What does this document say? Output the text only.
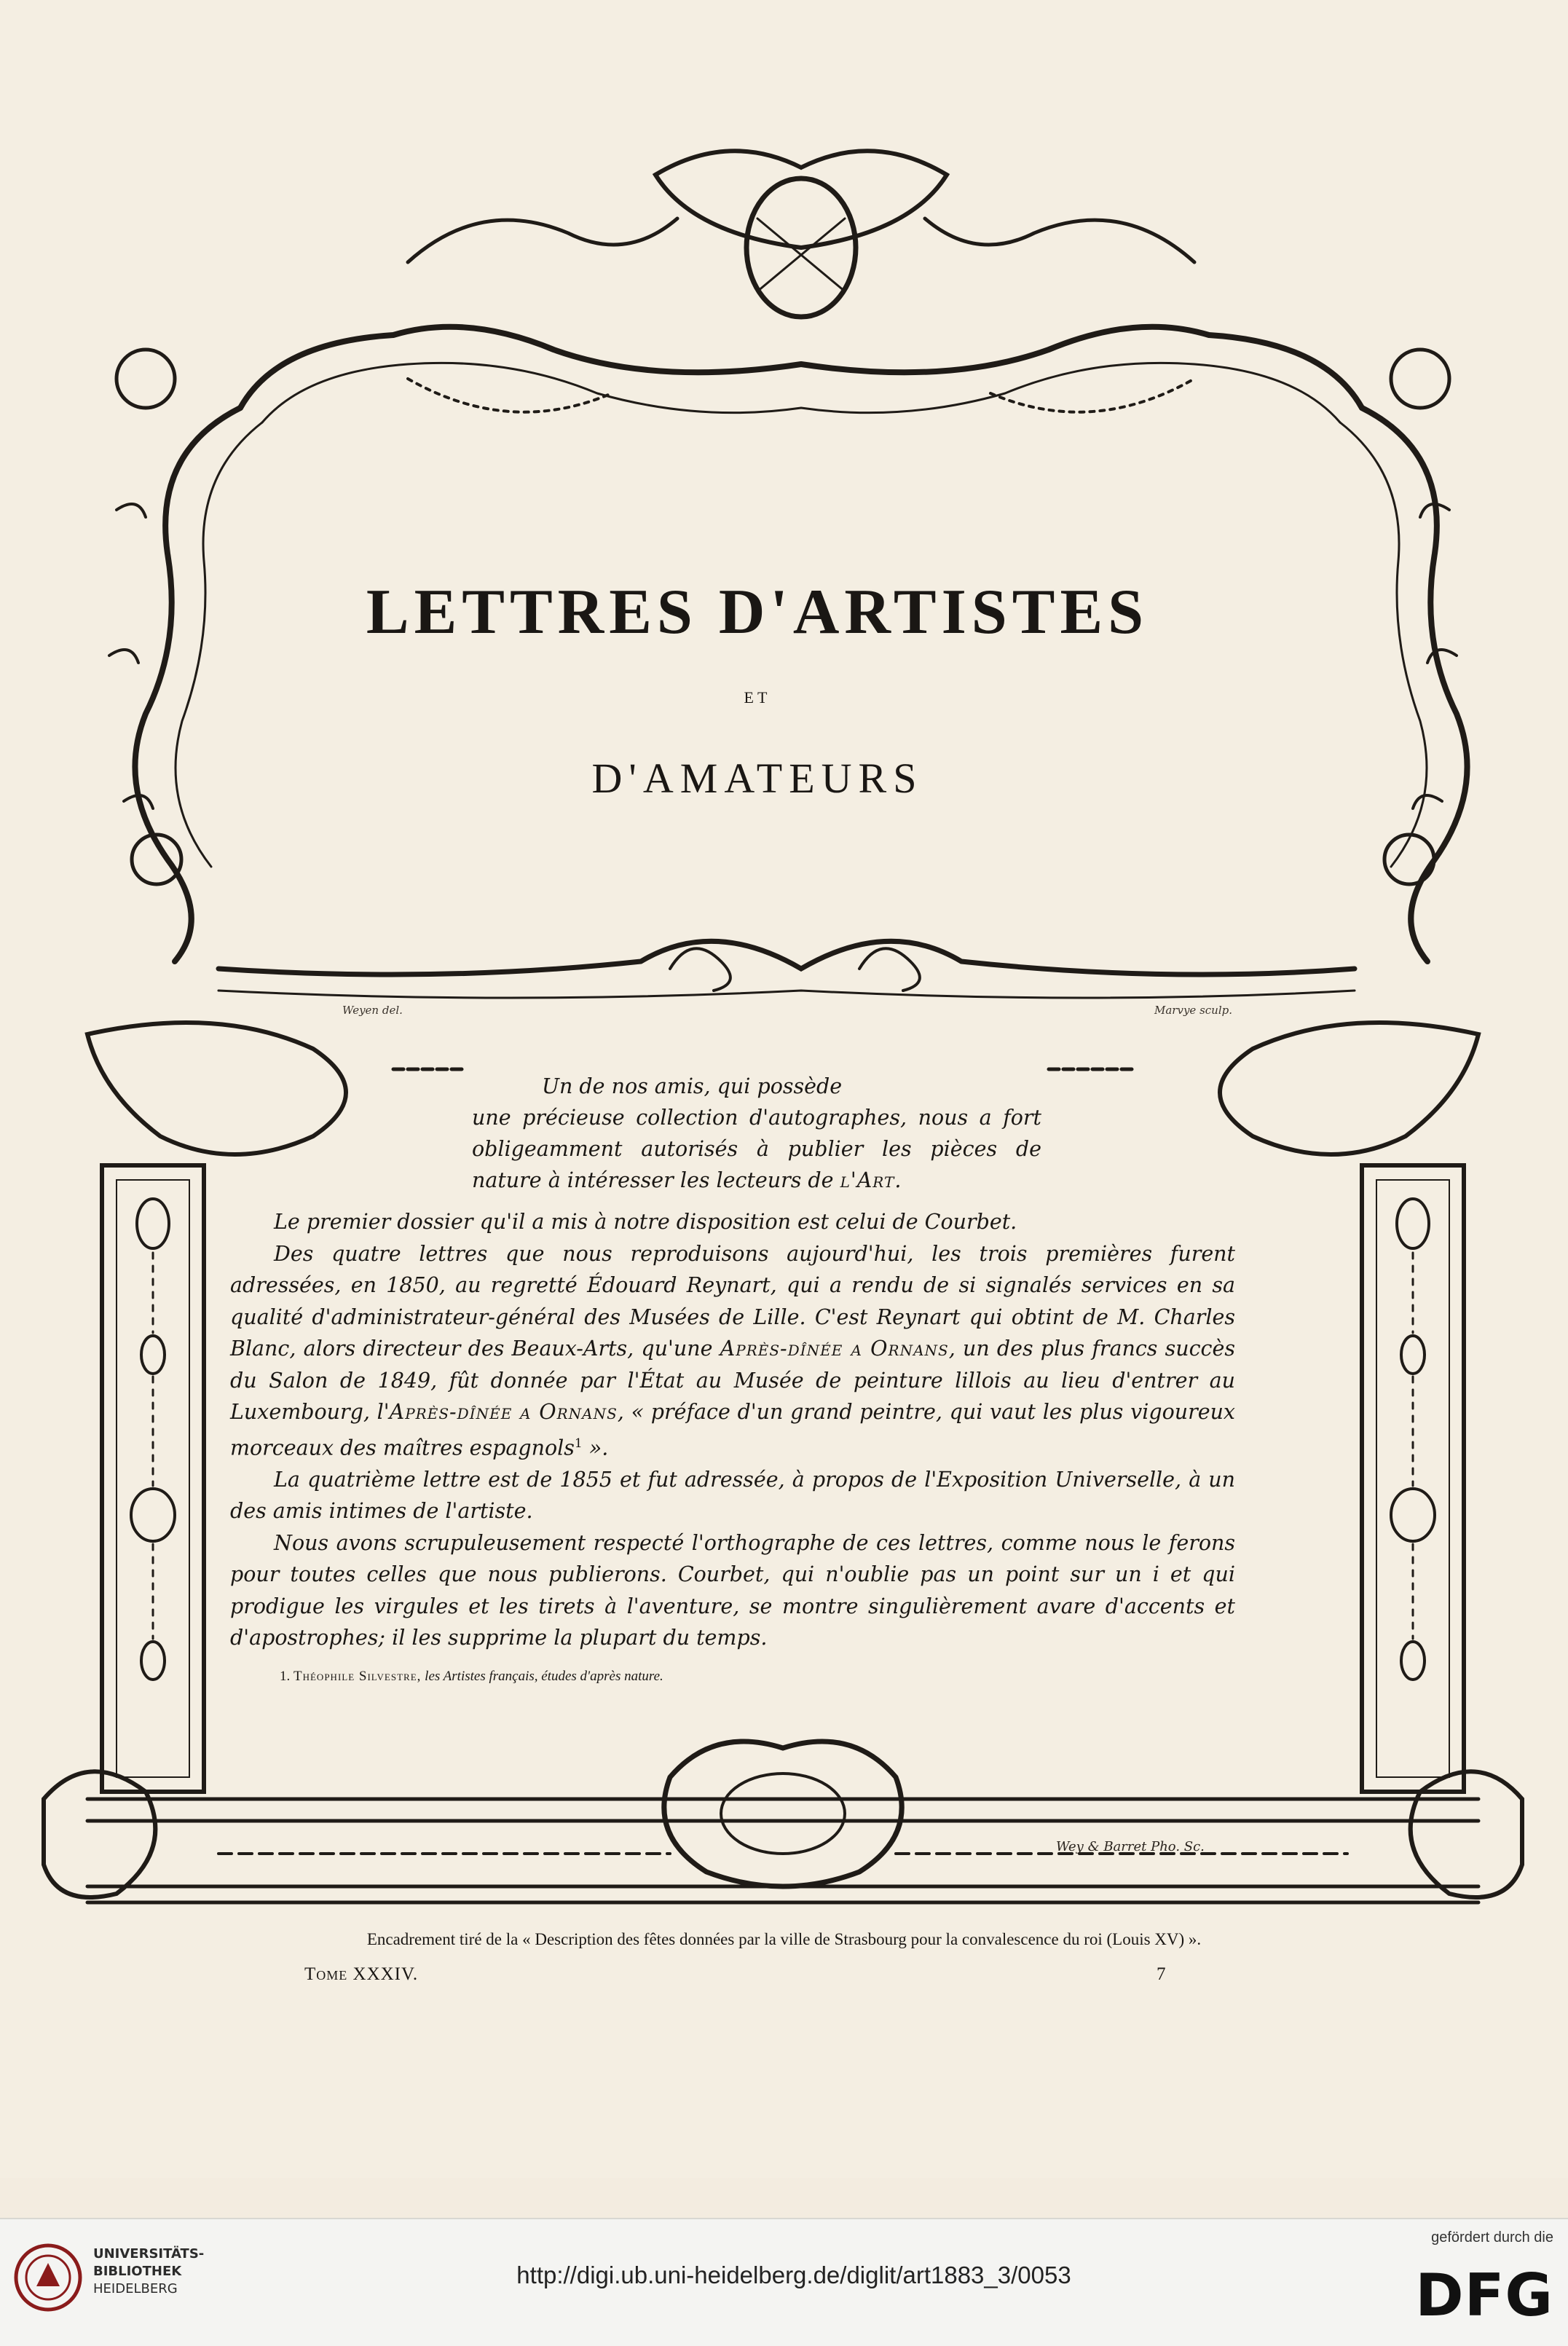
LETTRES D'ARTISTES
ET
D'AMATEURS
Weyen del.	Marvye sculp.

Un de nos amis, qui possède
une précieuse collection d'autographes, nous a fort obligeamment autorisés à publier les pièces de nature à intéresser les lecteurs de l'Art.

Le premier dossier qu'il a mis à notre disposition est celui de Courbet.

Des quatre lettres que nous reproduisons aujourd'hui, les trois premières furent adressées, en 1850, au regretté Édouard Reynart, qui a rendu de si signalés services en sa qualité d'administrateur-général des Musées de Lille. C'est Reynart qui obtint de M. Charles Blanc, alors directeur des Beaux-Arts, qu'une Après-dînée a Ornans, un des plus francs succès du Salon de 1849, fût donnée par l'État au Musée de peinture lillois au lieu d'entrer au Luxembourg, l'Après-dînée a Ornans, « préface d'un grand peintre, qui vaut les plus vigoureux morceaux des maîtres espagnols$^1$ ».

La quatrième lettre est de 1855 et fut adressée, à propos de l'Exposition Universelle, à un des amis intimes de l'artiste.

Nous avons scrupuleusement respecté l'orthographe de ces lettres, comme nous le ferons pour toutes celles que nous publierons. Courbet, qui n'oublie pas un point sur un i et qui prodigue les virgules et les tirets à l'aventure, se montre singulièrement avare d'accents et d'apostrophes; il les supprime la plupart du temps.

1. Théophile Silvestre, les Artistes français, études d'après nature.
Wey & Barret Pho. Sc.
Encadrement tiré de la « Description des fêtes données par la ville de Strasbourg pour la convalescence du roi (Louis XV) ».
Tome XXXIV.	7
UNIVERSITÄTS-
BIBLIOTHEK
HEIDELBERG
http://digi.ub.uni-heidelberg.de/diglit/art1883_3/0053
gefördert durch die
DFG
